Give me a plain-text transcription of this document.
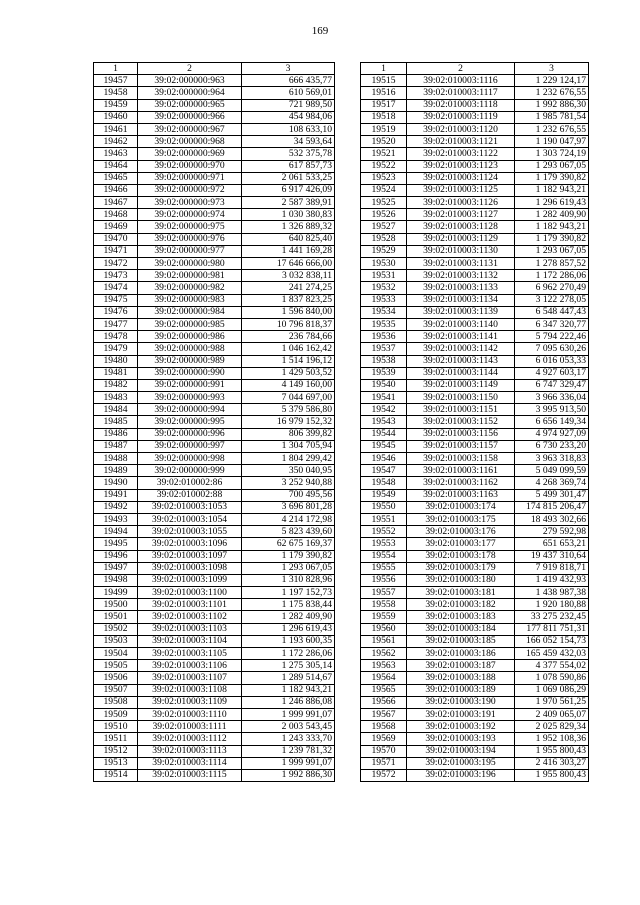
169
1	2	3
19457	39:02:000000:963	666 435,77
19458	39:02:000000:964	610 569,01
19459	39:02:000000:965	721 989,50
19460	39:02:000000:966	454 984,06
19461	39:02:000000:967	108 633,10
19462	39:02:000000:968	34 593,64
19463	39:02:000000:969	532 375,78
19464	39:02:000000:970	617 857,73
19465	39:02:000000:971	2 061 533,25
19466	39:02:000000:972	6 917 426,09
19467	39:02:000000:973	2 587 389,91
19468	39:02:000000:974	1 030 380,83
19469	39:02:000000:975	1 326 889,32
19470	39:02:000000:976	640 825,40
19471	39:02:000000:977	1 441 169,28
19472	39:02:000000:980	17 646 666,00
19473	39:02:000000:981	3 032 838,11
19474	39:02:000000:982	241 274,25
19475	39:02:000000:983	1 837 823,25
19476	39:02:000000:984	1 596 840,00
19477	39:02:000000:985	10 796 818,37
19478	39:02:000000:986	236 784,66
19479	39:02:000000:988	1 046 162,42
19480	39:02:000000:989	1 514 196,12
19481	39:02:000000:990	1 429 503,52
19482	39:02:000000:991	4 149 160,00
19483	39:02:000000:993	7 044 697,00
19484	39:02:000000:994	5 379 586,80
19485	39:02:000000:995	16 979 152,32
19486	39:02:000000:996	806 399,82
19487	39:02:000000:997	1 304 705,94
19488	39:02:000000:998	1 804 299,42
19489	39:02:000000:999	350 040,95
19490	39:02:010002:86	3 252 940,88
19491	39:02:010002:88	700 495,56
19492	39:02:010003:1053	3 696 801,28
19493	39:02:010003:1054	4 214 172,98
19494	39:02:010003:1055	5 823 439,60
19495	39:02:010003:1096	62 675 169,37
19496	39:02:010003:1097	1 179 390,82
19497	39:02:010003:1098	1 293 067,05
19498	39:02:010003:1099	1 310 828,96
19499	39:02:010003:1100	1 197 152,73
19500	39:02:010003:1101	1 175 838,44
19501	39:02:010003:1102	1 282 409,90
19502	39:02:010003:1103	1 296 619,43
19503	39:02:010003:1104	1 193 600,35
19504	39:02:010003:1105	1 172 286,06
19505	39:02:010003:1106	1 275 305,14
19506	39:02:010003:1107	1 289 514,67
19507	39:02:010003:1108	1 182 943,21
19508	39:02:010003:1109	1 246 886,08
19509	39:02:010003:1110	1 999 991,07
19510	39:02:010003:1111	2 003 543,45
19511	39:02:010003:1112	1 243 333,70
19512	39:02:010003:1113	1 239 781,32
19513	39:02:010003:1114	1 999 991,07
19514	39:02:010003:1115	1 992 886,30
1	2	3
19515	39:02:010003:1116	1 229 124,17
19516	39:02:010003:1117	1 232 676,55
19517	39:02:010003:1118	1 992 886,30
19518	39:02:010003:1119	1 985 781,54
19519	39:02:010003:1120	1 232 676,55
19520	39:02:010003:1121	1 190 047,97
19521	39:02:010003:1122	1 303 724,19
19522	39:02:010003:1123	1 293 067,05
19523	39:02:010003:1124	1 179 390,82
19524	39:02:010003:1125	1 182 943,21
19525	39:02:010003:1126	1 296 619,43
19526	39:02:010003:1127	1 282 409,90
19527	39:02:010003:1128	1 182 943,21
19528	39:02:010003:1129	1 179 390,82
19529	39:02:010003:1130	1 293 067,05
19530	39:02:010003:1131	1 278 857,52
19531	39:02:010003:1132	1 172 286,06
19532	39:02:010003:1133	6 962 270,49
19533	39:02:010003:1134	3 122 278,05
19534	39:02:010003:1139	6 548 447,43
19535	39:02:010003:1140	6 347 320,77
19536	39:02:010003:1141	5 794 222,46
19537	39:02:010003:1142	7 095 630,26
19538	39:02:010003:1143	6 016 053,33
19539	39:02:010003:1144	4 927 603,17
19540	39:02:010003:1149	6 747 329,47
19541	39:02:010003:1150	3 966 336,04
19542	39:02:010003:1151	3 995 913,50
19543	39:02:010003:1152	6 656 149,34
19544	39:02:010003:1156	4 974 927,09
19545	39:02:010003:1157	6 730 233,20
19546	39:02:010003:1158	3 963 318,83
19547	39:02:010003:1161	5 049 099,59
19548	39:02:010003:1162	4 268 369,74
19549	39:02:010003:1163	5 499 301,47
19550	39:02:010003:174	174 815 206,47
19551	39:02:010003:175	18 493 302,66
19552	39:02:010003:176	279 592,98
19553	39:02:010003:177	651 653,21
19554	39:02:010003:178	19 437 310,64
19555	39:02:010003:179	7 919 818,71
19556	39:02:010003:180	1 419 432,93
19557	39:02:010003:181	1 438 987,38
19558	39:02:010003:182	1 920 180,88
19559	39:02:010003:183	33 275 232,45
19560	39:02:010003:184	177 811 751,31
19561	39:02:010003:185	166 052 154,73
19562	39:02:010003:186	165 459 432,03
19563	39:02:010003:187	4 377 554,02
19564	39:02:010003:188	1 078 590,86
19565	39:02:010003:189	1 069 086,29
19566	39:02:010003:190	1 970 561,25
19567	39:02:010003:191	2 409 065,07
19568	39:02:010003:192	2 025 829,34
19569	39:02:010003:193	1 952 108,36
19570	39:02:010003:194	1 955 800,43
19571	39:02:010003:195	2 416 303,27
19572	39:02:010003:196	1 955 800,43
